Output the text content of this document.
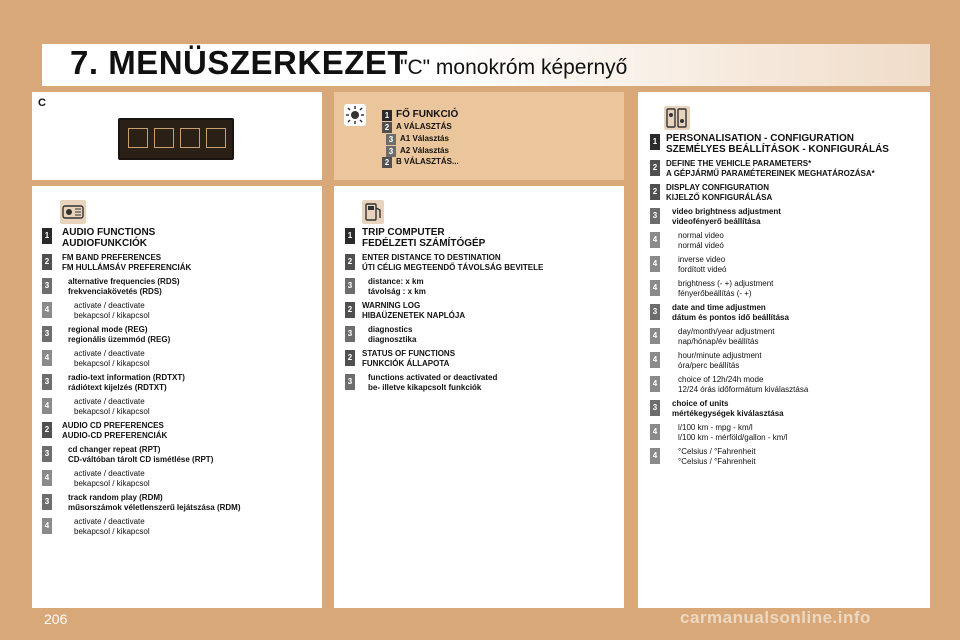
7. MENÜSZERKEZET
"C" monokróm képernyő
C
1 FŐ FUNKCIÓ
2 A VÁLASZTÁS
3 A1 Választás
3 A2 Választás
2 B VÁLASZTÁS...
1 AUDIO FUNCTIONS
AUDIOFUNKCIÓK
2	FM BAND PREFERENCES
FM HULLÁMSÁV PREFERENCIÁK
3	alternative frequencies (RDS)
frekvenciakövetés (RDS)
4	activate / deactivate
bekapcsol / kikapcsol
3	regional mode (REG)
regionális üzemmód (REG)
4	activate / deactivate
bekapcsol / kikapcsol
3	radio-text information (RDTXT)
rádiótext kijelzés (RDTXT)
4	activate / deactivate
bekapcsol / kikapcsol
2	AUDIO CD PREFERENCES
AUDIO-CD PREFERENCIÁK
3	cd changer repeat (RPT)
CD-váltóban tárolt CD ismétlése (RPT)
4	activate / deactivate
bekapcsol / kikapcsol
3	track random play (RDM)
műsorszámok véletlenszerű lejátszása (RDM)
4	activate / deactivate
bekapcsol / kikapcsol
1 TRIP COMPUTER
FEDÉLZETI SZÁMÍTÓGÉP
2	ENTER DISTANCE TO DESTINATION
ÚTI CÉLIG MEGTEENDŐ TÁVOLSÁG BEVITELE
3	distance: x km
távolság : x km
2	WARNING LOG
HIBAÜZENETEK NAPLÓJA
3	diagnostics
diagnosztika
2	STATUS OF FUNCTIONS
FUNKCIÓK ÁLLAPOTA
3	functions activated or deactivated
be- illetve kikapcsolt funkciók
1 PERSONALISATION - CONFIGURATION
SZEMÉLYES BEÁLLÍTÁSOK - KONFIGURÁLÁS
2	DEFINE THE VEHICLE PARAMETERS*
A GÉPJÁRMŰ PARAMÉTEREINEK MEGHATÁROZÁSA*
2	DISPLAY CONFIGURATION
KIJELZŐ KONFIGURÁLÁSA
3	video brightness adjustment
videofényerő beállítása
4	normal video
normál videó
4	inverse video
fordított videó
4	brightness (- +) adjustment
fényerőbeállítás (- +)
3	date and time adjustmen
dátum és pontos idő beállítása
4	day/month/year adjustment
nap/hónap/év beállítás
4	hour/minute adjustment
óra/perc beállítás
4	choice of 12h/24h mode
12/24 órás időformátum kiválasztása
3	choice of units
mértékegységek kiválasztása
4	l/100 km - mpg - km/l
l/100 km - mérföld/gallon - km/l
4	°Celsius / °Fahrenheit
°Celsius / °Fahrenheit
206	carmanualsonline.info
